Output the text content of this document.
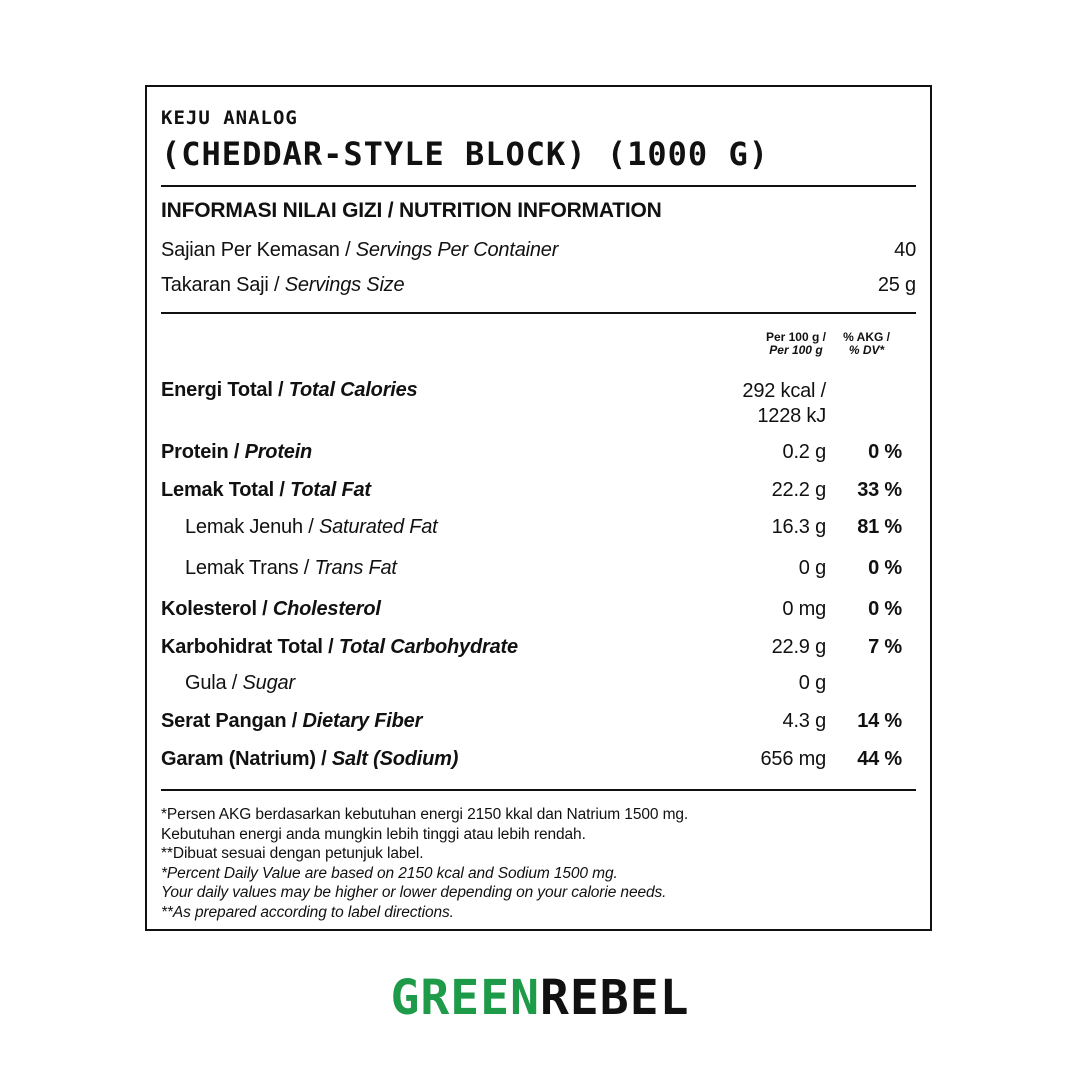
KEJU ANALOG
(CHEDDAR-STYLE BLOCK) (1000 G)
INFORMASI NILAI GIZI / NUTRITION INFORMATION
Sajian Per Kemasan / Servings Per Container	40
Takaran Saji / Servings Size	25 g
Per 100 g /
Per 100 g
% AKG /
% DV*
Energi Total / Total Calories	292 kcal /
1228 kJ
Protein / Protein	0.2 g 0 %
Lemak Total / Total Fat	22.2 g 33 %
Lemak Jenuh / Saturated Fat	16.3 g 81 %
Lemak Trans / Trans Fat	0 g 0 %
Kolesterol / Cholesterol	0 mg 0 %
Karbohidrat Total / Total Carbohydrate	22.9 g 7 %
Gula / Sugar	0 g
Serat Pangan / Dietary Fiber	4.3 g 14 %
Garam (Natrium) / Salt (Sodium)	656 mg 44 %
*Persen AKG berdasarkan kebutuhan energi 2150 kkal dan Natrium 1500 mg.
Kebutuhan energi anda mungkin lebih tinggi atau lebih rendah.
**Dibuat sesuai dengan petunjuk label.
*Percent Daily Value are based on 2150 kcal and Sodium 1500 mg.
Your daily values may be higher or lower depending on your calorie needs.
**As prepared according to label directions.
GREENREBEL
